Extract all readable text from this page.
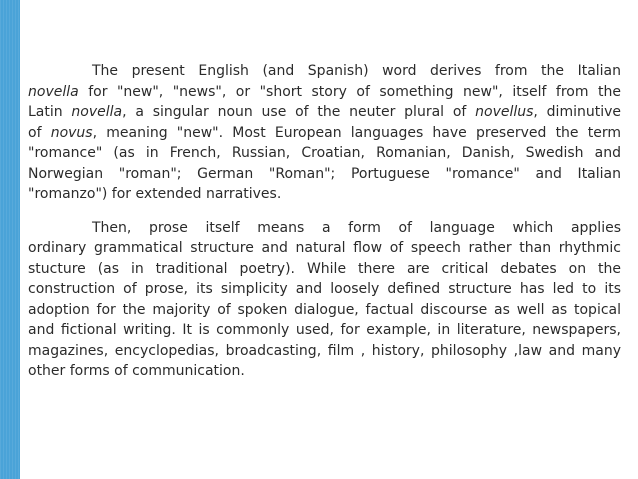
The present English (and Spanish) word derives from the Italian
novella for "new", "news", or "short story of something new", itself from the
Latin novella, a singular noun use of the neuter plural of novellus, diminutive
of novus, meaning "new". Most European languages have preserved the term
"romance" (as in French, Russian, Croatian, Romanian, Danish, Swedish and
Norwegian "roman"; German "Roman"; Portuguese "romance" and Italian
"romanzo") for extended narratives.
Then, prose itself means a form of language which applies
ordinary grammatical structure and natural flow of speech rather than rhythmic
stucture (as in traditional poetry). While there are critical debates on the
construction of prose, its simplicity and loosely defined structure has led to its
adoption for the majority of spoken dialogue, factual discourse as well as topical
and fictional writing. It is commonly used, for example, in literature, newspapers,
magazines, encyclopedias, broadcasting, film , history, philosophy ,law and many
other forms of communication.
